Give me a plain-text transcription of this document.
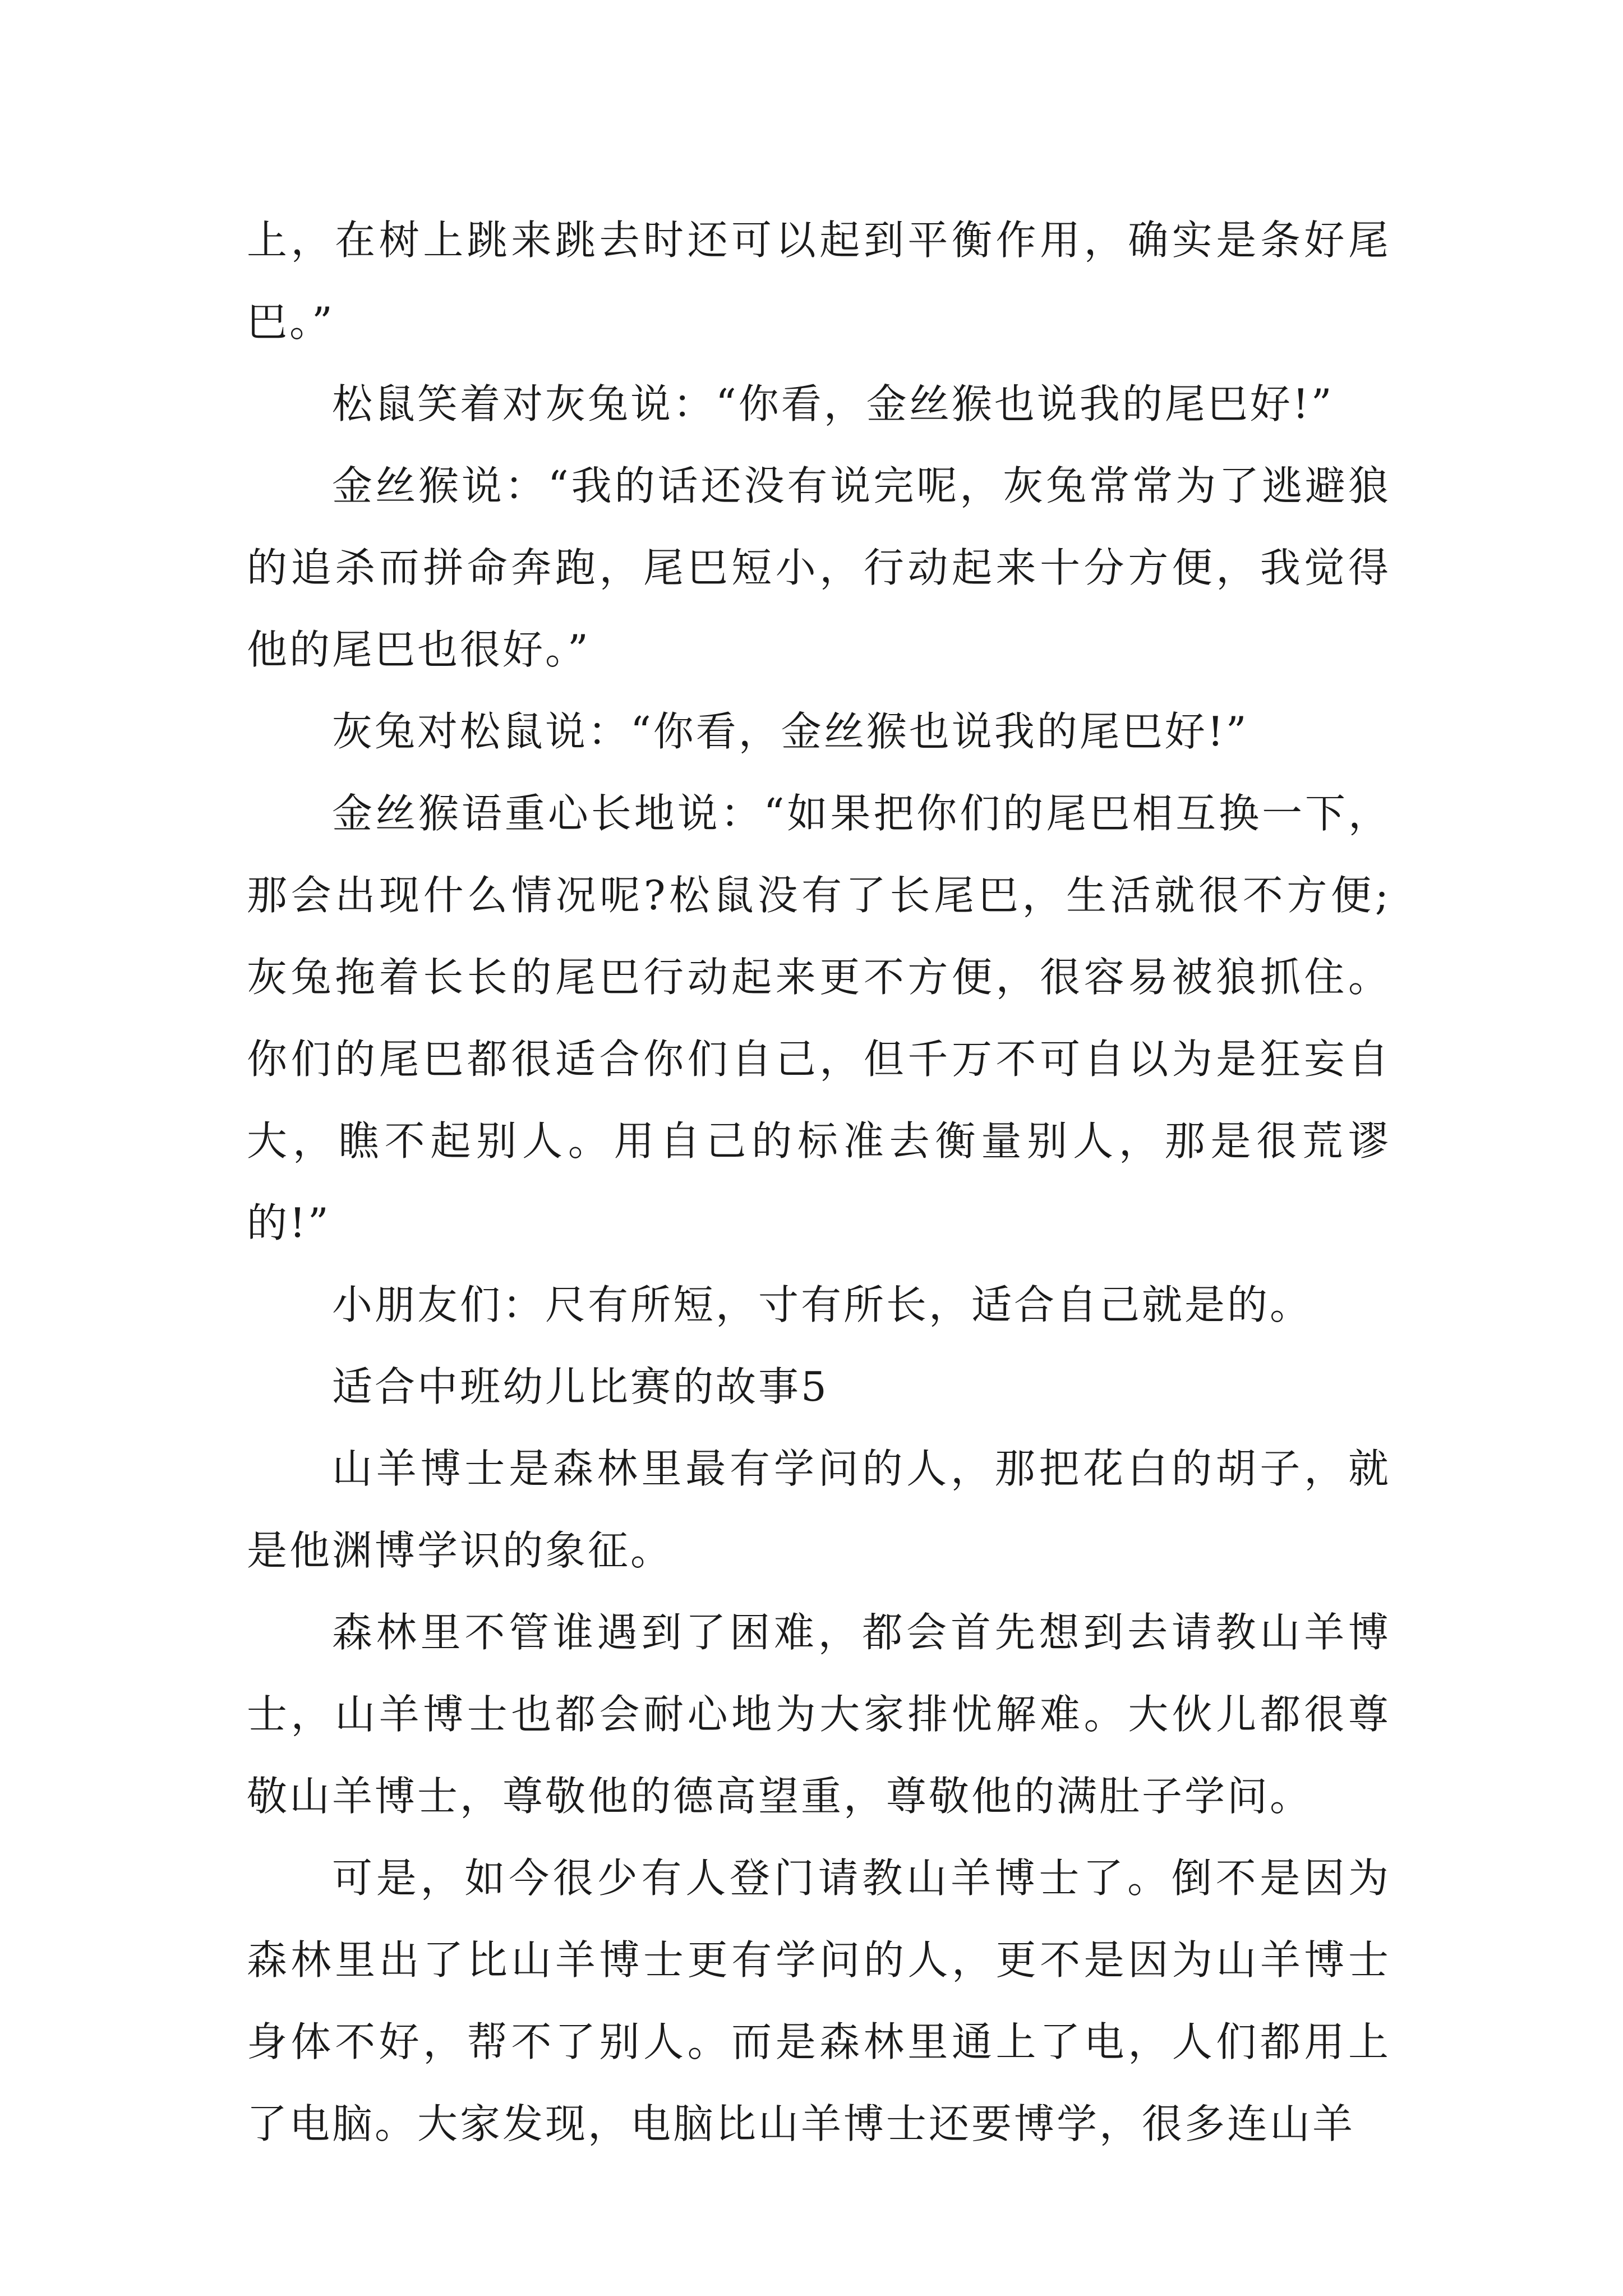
上，在树上跳来跳去时还可以起到平衡作用，确实是条好尾巴。”

松鼠笑着对灰兔说：“你看，金丝猴也说我的尾巴好!”

金丝猴说：“我的话还没有说完呢，灰兔常常为了逃避狼的追杀而拼命奔跑，尾巴短小，行动起来十分方便，我觉得他的尾巴也很好。”

灰兔对松鼠说：“你看，金丝猴也说我的尾巴好!”

金丝猴语重心长地说：“如果把你们的尾巴相互换一下，那会出现什么情况呢?松鼠没有了长尾巴，生活就很不方便;灰兔拖着长长的尾巴行动起来更不方便，很容易被狼抓住。你们的尾巴都很适合你们自己，但千万不可自以为是狂妄自大，瞧不起别人。用自己的标准去衡量别人，那是很荒谬的!”

小朋友们：尺有所短，寸有所长，适合自己就是的。

适合中班幼儿比赛的故事5

山羊博士是森林里最有学问的人，那把花白的胡子，就是他渊博学识的象征。

森林里不管谁遇到了困难，都会首先想到去请教山羊博士，山羊博士也都会耐心地为大家排忧解难。大伙儿都很尊敬山羊博士，尊敬他的德高望重，尊敬他的满肚子学问。

可是，如今很少有人登门请教山羊博士了。倒不是因为森林里出了比山羊博士更有学问的人，更不是因为山羊博士身体不好，帮不了别人。而是森林里通上了电，人们都用上了电脑。大家发现，电脑比山羊博士还要博学，很多连山羊
